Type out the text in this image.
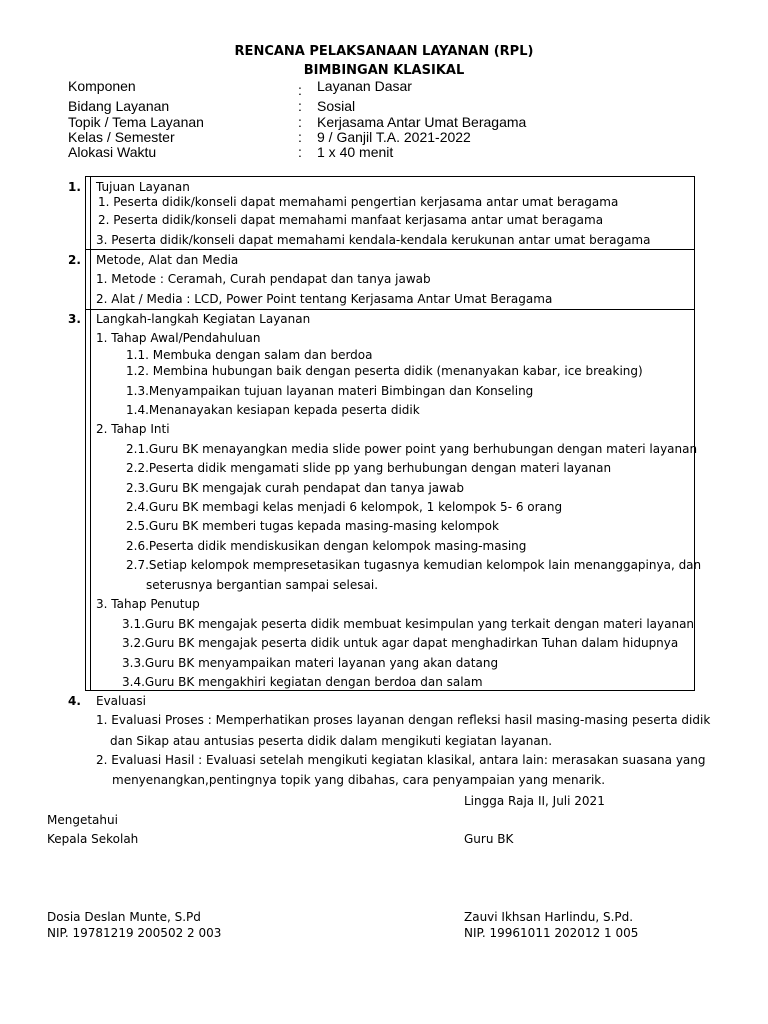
RENCANA PELAKSANAAN LAYANAN (RPL)
BIMBINGAN KLASIKAL
Komponen	: Layanan Dasar
Bidang Layanan	: Sosial
Topik / Tema Layanan	: Kerjasama Antar Umat Beragama
Kelas / Semester	: 9 / Ganjil T.A. 2021-2022
Alokasi Waktu	: 1 x 40 menit
1. Tujuan Layanan
1. Peserta didik/konseli dapat memahami pengertian kerjasama antar umat beragama
2. Peserta didik/konseli dapat memahami manfaat kerjasama antar umat beragama
3. Peserta didik/konseli dapat memahami kendala-kendala kerukunan antar umat beragama
2. Metode, Alat dan Media
1. Metode : Ceramah, Curah pendapat dan tanya jawab
2. Alat / Media : LCD, Power Point tentang Kerjasama Antar Umat Beragama
3. Langkah-langkah Kegiatan Layanan
1. Tahap Awal/Pendahuluan
1.1. Membuka dengan salam dan berdoa
1.2. Membina hubungan baik dengan peserta didik (menanyakan kabar, ice breaking)
1.3.Menyampaikan tujuan layanan materi Bimbingan dan Konseling
1.4.Menanayakan kesiapan kepada peserta didik
2. Tahap Inti
2.1.Guru BK menayangkan media slide power point yang berhubungan dengan materi layanan
2.2.Peserta didik mengamati slide pp yang berhubungan dengan materi layanan
2.3.Guru BK mengajak curah pendapat dan tanya jawab
2.4.Guru BK membagi kelas menjadi 6 kelompok, 1 kelompok 5- 6 orang
2.5.Guru BK memberi tugas kepada masing-masing kelompok
2.6.Peserta didik mendiskusikan dengan kelompok masing-masing
2.7.Setiap kelompok mempresetasikan tugasnya kemudian kelompok lain menanggapinya, dan
seterusnya bergantian sampai selesai.
3. Tahap Penutup
3.1.Guru BK mengajak peserta didik membuat kesimpulan yang terkait dengan materi layanan
3.2.Guru BK mengajak peserta didik untuk agar dapat menghadirkan Tuhan dalam hidupnya
3.3.Guru BK menyampaikan materi layanan yang akan datang
3.4.Guru BK mengakhiri kegiatan dengan berdoa dan salam
4. Evaluasi
1. Evaluasi Proses : Memperhatikan proses layanan dengan refleksi hasil masing-masing peserta didik
dan Sikap atau antusias peserta didik dalam mengikuti kegiatan layanan.
2. Evaluasi Hasil : Evaluasi setelah mengikuti kegiatan klasikal, antara lain: merasakan suasana yang
menyenangkan,pentingnya topik yang dibahas, cara penyampaian yang menarik.
Lingga Raja II, Juli 2021
Mengetahui
Kepala Sekolah	Guru BK
Dosia Deslan Munte, S.Pd
NIP. 19781219 200502 2 003
Zauvi Ikhsan Harlindu, S.Pd.
NIP. 19961011 202012 1 005
